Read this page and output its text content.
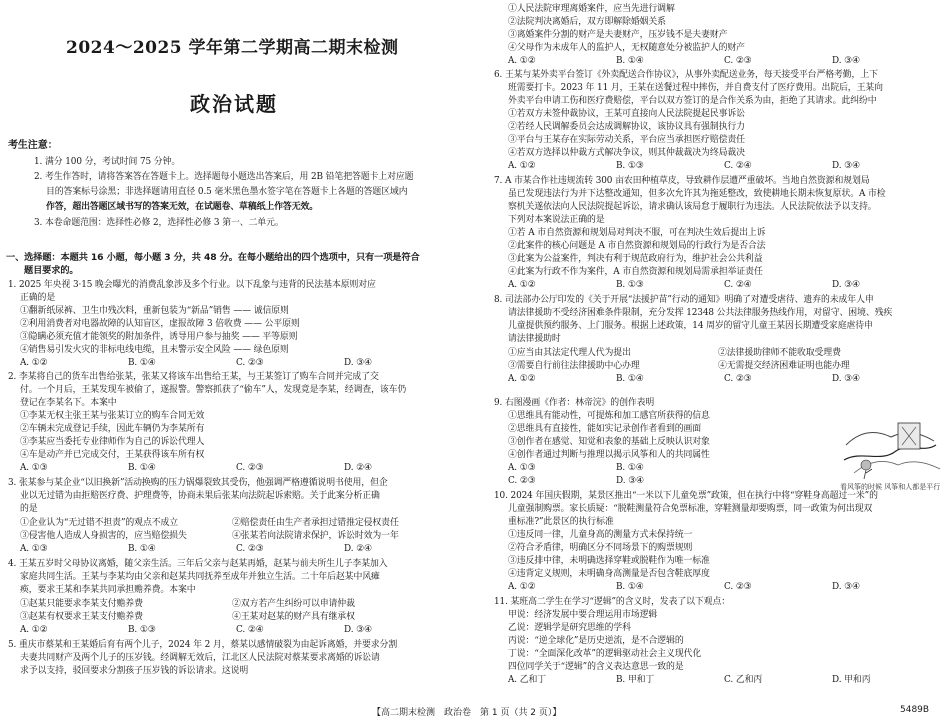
2024～2025 学年第二学期高二期末检测
政治试题
考生注意：
1. 满分 100 分，考试时间 75 分钟。
2. 考生作答时，请将答案答在答题卡上。选择题每小题选出答案后，用 2B 铅笔把答题卡上对应题
目的答案标号涂黑；非选择题请用直径 0.5 毫米黑色墨水签字笔在答题卡上各题的答题区域内
作答，超出答题区域书写的答案无效，在试题卷、草稿纸上作答无效。
3. 本卷命题范围：选择性必修 2，选择性必修 3 第一、二单元。
一、选择题：本题共 16 小题，每小题 3 分，共 48 分。在每小题给出的四个选项中，只有一项是符合
题目要求的。
1. 2025 年央视 3·15 晚会曝光的消费乱象涉及多个行业。以下乱象与违背的民法基本原则对应
正确的是
①翻新纸尿裤、卫生巾残次料，重新包装为“新品”销售 —— 诚信原则
②利用消费者对电器故障的认知盲区，虚报故障 3 倍收费 —— 公平原则
③隐瞒必须充值才能领奖的附加条件，诱导用户参与抽奖 —— 平等原则
④销售易引发火灾的非标电线电缆，且未警示安全风险 —— 绿色原则
A. ①②	B. ①④	C. ②③	D. ③④
2. 李某将自己的货车出售给张某，张某又将该车出售给王某，与王某签订了购车合同并完成了交
付。一个月后，王某发现车被偷了，遂报警。警察抓获了“偷车”人，发现竟是李某，经调查，该车仍
登记在李某名下。本案中
①李某无权主张王某与张某订立的购车合同无效
②车辆未完成登记手续，因此车辆仍为李某所有
③李某应当委托专业律师作为自己的诉讼代理人
④车是动产并已完成交付，王某获得该车所有权
A. ①③	B. ①④	C. ②③	D. ②④
3. 张某参与某企业“以旧换新”活动换购的压力锅爆裂致其受伤，他强调严格遵循说明书使用，但企
业以无过错为由拒赔医疗费、护理费等，协商未果后张某向法院起诉索赔。关于此案分析正确
的是
①企业认为“无过错不担责”的观点不成立	②赔偿责任由生产者承担过错推定侵权责任
③侵害他人造成人身损害的，应当赔偿损失	④张某若向法院请求保护，诉讼时效为一年
A. ①③	B. ①④	C. ②③	D. ②④
4. 王某五岁时父母协议离婚，随父亲生活。三年后父亲与赵某再婚，赵某与前夫所生儿子李某加入
家庭共同生活。王某与李某均由父亲和赵某共同抚养至成年并独立生活。二十年后赵某中风瘫
痪，要求王某和李某共同承担赡养费。本案中
①赵某只能要求李某支付赡养费	②双方若产生纠纷可以申请仲裁
③赵某有权要求王某支付赡养费	④王某对赵某的财产具有继承权
A. ①②	B. ①③	C. ②④	D. ③④
5. 重庆市蔡某和王某婚后育有两个儿子，2024 年 2 月，蔡某以感情破裂为由起诉离婚，并要求分割
夫妻共同财产及两个儿子的压岁钱。经调解无效后，江北区人民法院对蔡某要求离婚的诉讼请
求予以支持，驳回要求分割孩子压岁钱的诉讼请求。这说明
①人民法院审理离婚案件，应当先进行调解
②法院判决离婚后，双方即解除婚姻关系
③离婚案件分割的财产是夫妻财产，压岁钱不是夫妻财产
④父母作为未成年人的监护人，无权随意处分被监护人的财产
A. ①②	B. ①④	C. ②③	D. ③④
6. 王某与某外卖平台签订《外卖配送合作协议》，从事外卖配送业务，每天接受平台严格考勤，上下
班需要打卡。2023 年 11 月，王某在送餐过程中摔伤，并自费支付了医疗费用。出院后，王某向
外卖平台申请工伤和医疗费赔偿，平台以双方签订的是合作关系为由，拒绝了其请求。此纠纷中
①若双方未签仲裁协议，王某可直接向人民法院提起民事诉讼
②若经人民调解委员会达成调解协议，该协议具有强制执行力
③平台与王某存在实际劳动关系，平台应当承担医疗赔偿责任
④若双方选择以仲裁方式解决争议，则其仲裁裁决为终局裁决
A. ①②	B. ①③	C. ②④	D. ③④
7. A 市某合作社违规流转 300 亩农田种植草皮，导致耕作层遭严重破坏。当地自然资源和规划局
虽已发现违法行为并下达整改通知，但多次允许其为拖延整改，致使耕地长期未恢复原状。A 市检
察机关遂依法向人民法院提起诉讼，请求确认该局怠于履职行为违法。人民法院依法予以支持。
下列对本案说法正确的是
①若 A 市自然资源和规划局对判决不服，可在判决生效后提出上诉
②此案件的核心问题是 A 市自然资源和规划局的行政行为是否合法
③此案为公益案件，判决有利于规范政府行为，维护社会公共利益
④此案为行政不作为案件，A 市自然资源和规划局需承担举证责任
A. ①②	B. ①③	C. ②④	D. ③④
8. 司法部办公厅印发的《关于开展“法援护苗”行动的通知》明确了对遭受虐待、遗弃的未成年人申
请法律援助不受经济困难条件限制，充分发挥 12348 公共法律服务热线作用，对留守、困境、残疾
儿童提供预约服务、上门服务。根据上述政策，14 周岁的留守儿童王某因长期遭受家庭虐待申
请法律援助时
①应当由其法定代理人代为提出	②法律援助律师不能收取受理费
③需要自行前往法律援助中心办理	④无需提交经济困难证明也能办理
A. ①②	B. ①④	C. ②③	D. ③④
9. 右图漫画《作者：林帝浣》的创作表明
①思维具有能动性，可提炼和加工感官所获得的信息
②思维具有直接性，能如实记录创作者看到的画面
③创作者在感觉、知觉和表象的基础上反映认识对象
④创作者通过判断与推理以揭示风筝和人的共同属性
A. ①③	B. ①④
C. ②③	D. ③④
看风筝的时候 风筝和人都是平行
10. 2024 年国庆假期，某景区推出“一米以下儿童免票”政策，但在执行中将“穿鞋身高超过一米”的
儿童强制购票。家长质疑：“脱鞋测量符合免票标准，穿鞋测量却要购票，同一政策为何出现双
重标准?”此景区的执行标准
①违反同一律，儿童身高的测量方式未保持统一
②符合矛盾律，明确区分不同场景下的购票规则
③违反排中律，未明确选择穿鞋或脱鞋作为唯一标准
④违背定义规则，未明确身高测量是否包含鞋底厚度
A. ①②	B. ①④	C. ②③	D. ③④
11. 某班高二学生在学习“逻辑”的含义时，发表了以下观点：
甲说：经济发展中要合理运用市场逻辑
乙说：逻辑学是研究思维的学科
丙说：“逆全球化”是历史逆流，是不合逻辑的
丁说：“全面深化改革”的逻辑驱动社会主义现代化
四位同学关于“逻辑”的含义表达意思一致的是
A. 乙和丁	B. 甲和丁	C. 乙和丙	D. 甲和丙
【高二期末检测　政治卷　第 1 页（共 2 页）】	5489B
